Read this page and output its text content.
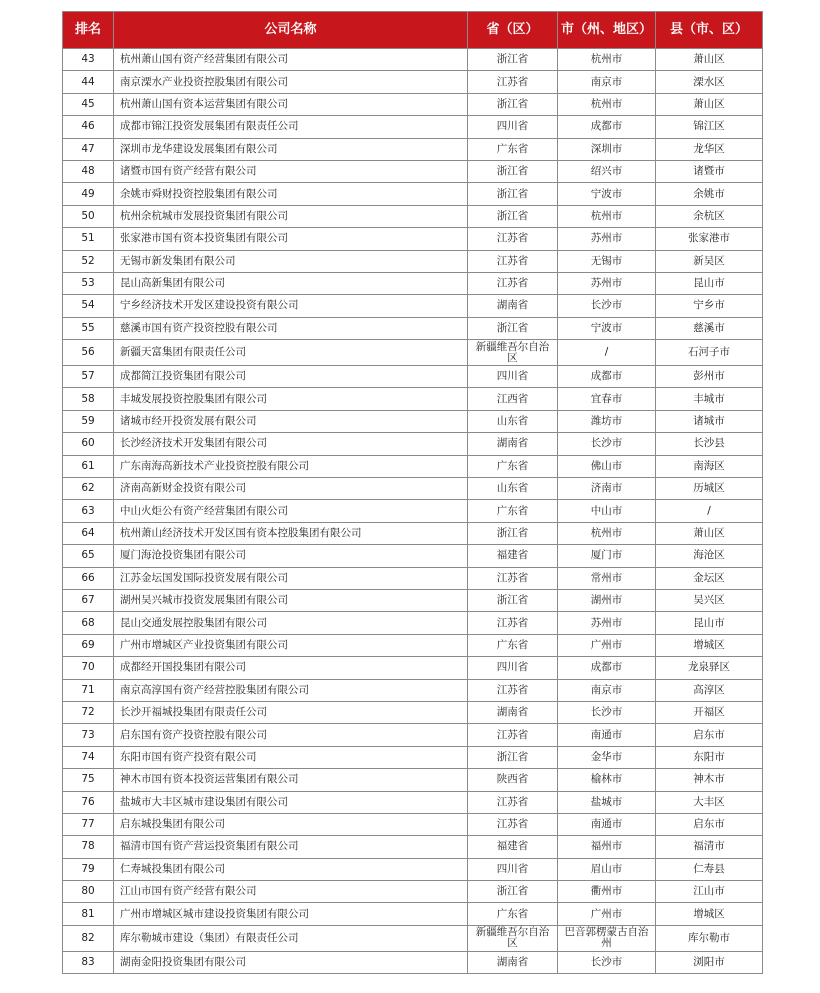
排名	公司名称	省（区）	市（州、地区）	县（市、区）
43	杭州萧山国有资产经营集团有限公司	浙江省	杭州市	萧山区
44	南京溧水产业投资控股集团有限公司	江苏省	南京市	溧水区
45	杭州萧山国有资本运营集团有限公司	浙江省	杭州市	萧山区
46	成都市锦江投资发展集团有限责任公司	四川省	成都市	锦江区
47	深圳市龙华建设发展集团有限公司	广东省	深圳市	龙华区
48	诸暨市国有资产经营有限公司	浙江省	绍兴市	诸暨市
49	余姚市舜财投资控股集团有限公司	浙江省	宁波市	余姚市
50	杭州余杭城市发展投资集团有限公司	浙江省	杭州市	余杭区
51	张家港市国有资本投资集团有限公司	江苏省	苏州市	张家港市
52	无锡市新发集团有限公司	江苏省	无锡市	新吴区
53	昆山高新集团有限公司	江苏省	苏州市	昆山市
54	宁乡经济技术开发区建设投资有限公司	湖南省	长沙市	宁乡市
55	慈溪市国有资产投资控股有限公司	浙江省	宁波市	慈溪市
56	新疆天富集团有限责任公司	新疆维吾尔自治区	/	石河子市
57	成都简江投资集团有限公司	四川省	成都市	彭州市
58	丰城发展投资控股集团有限公司	江西省	宜春市	丰城市
59	诸城市经开投资发展有限公司	山东省	潍坊市	诸城市
60	长沙经济技术开发集团有限公司	湖南省	长沙市	长沙县
61	广东南海高新技术产业投资控股有限公司	广东省	佛山市	南海区
62	济南高新财金投资有限公司	山东省	济南市	历城区
63	中山火炬公有资产经营集团有限公司	广东省	中山市	/
64	杭州萧山经济技术开发区国有资本控股集团有限公司	浙江省	杭州市	萧山区
65	厦门海沧投资集团有限公司	福建省	厦门市	海沧区
66	江苏金坛国发国际投资发展有限公司	江苏省	常州市	金坛区
67	湖州吴兴城市投资发展集团有限公司	浙江省	湖州市	吴兴区
68	昆山交通发展控股集团有限公司	江苏省	苏州市	昆山市
69	广州市增城区产业投资集团有限公司	广东省	广州市	增城区
70	成都经开国投集团有限公司	四川省	成都市	龙泉驿区
71	南京高淳国有资产经营控股集团有限公司	江苏省	南京市	高淳区
72	长沙开福城投集团有限责任公司	湖南省	长沙市	开福区
73	启东国有资产投资控股有限公司	江苏省	南通市	启东市
74	东阳市国有资产投资有限公司	浙江省	金华市	东阳市
75	神木市国有资本投资运营集团有限公司	陕西省	榆林市	神木市
76	盐城市大丰区城市建设集团有限公司	江苏省	盐城市	大丰区
77	启东城投集团有限公司	江苏省	南通市	启东市
78	福清市国有资产营运投资集团有限公司	福建省	福州市	福清市
79	仁寿城投集团有限公司	四川省	眉山市	仁寿县
80	江山市国有资产经营有限公司	浙江省	衢州市	江山市
81	广州市增城区城市建设投资集团有限公司	广东省	广州市	增城区
82	库尔勒城市建设（集团）有限责任公司	新疆维吾尔自治区	巴音郭楞蒙古自治州	库尔勒市
83	湖南金阳投资集团有限公司	湖南省	长沙市	浏阳市
